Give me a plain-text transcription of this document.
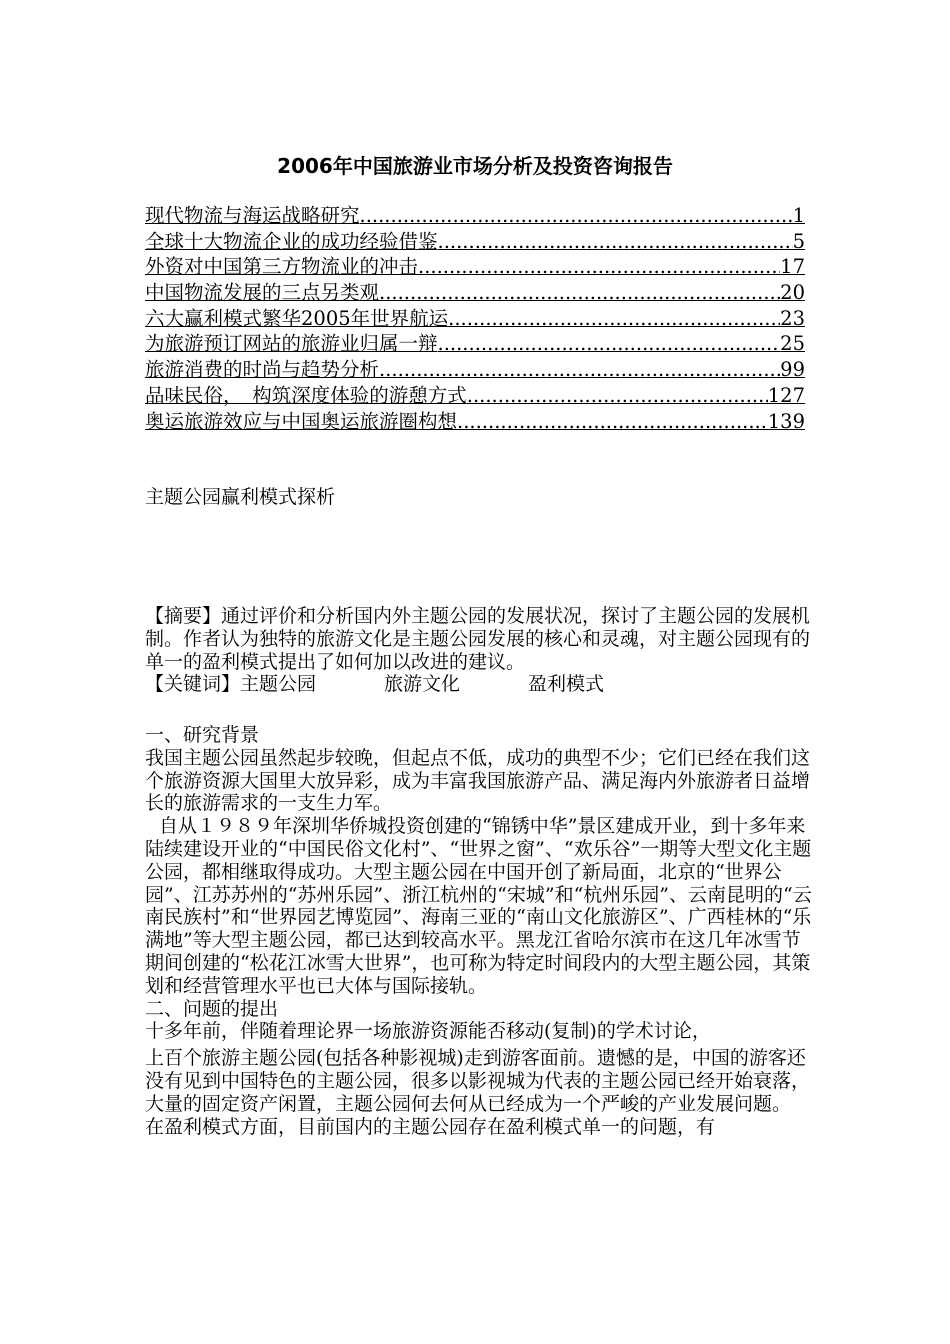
2006年中国旅游业市场分析及投资咨询报告
现代物流与海运战略研究 .....	1
全球十大物流企业的成功经验借鉴 .....	5
外资对中国第三方物流业的冲击 .....	17
中国物流发展的三点另类观 .....	20
六大赢利模式繁华2005年世界航运 .....	23
为旅游预订网站的旅游业归属一辩 .....	25
旅游消费的时尚与趋势分析 .....	99
品味民俗，　构筑深度体验的游憩方式 .....	127
奥运旅游效应与中国奥运旅游圈构想 .....	139
主题公园赢利模式探析

【摘要】通过评价和分析国内外主题公园的发展状况，探讨了主题公园的发展机制。作者认为独特的旅游文化是主题公园发展的核心和灵魂，对主题公园现有的单一的盈利模式提出了如何加以改进的建议。

【关键词】主题公园	旅游文化	盈利模式

一、研究背景

我国主题公园虽然起步较晚，但起点不低，成功的典型不少；它们已经在我们这个旅游资源大国里大放异彩，成为丰富我国旅游产品、满足海内外旅游者日益增长的旅游需求的一支生力军。

自从１９８９年深圳华侨城投资创建的“锦锈中华”景区建成开业，到十多年来陆续建设开业的“中国民俗文化村”、“世界之窗”、“欢乐谷”一期等大型文化主题公园，都相继取得成功。大型主题公园在中国开创了新局面，北京的“世界公园”、江苏苏州的“苏州乐园”、浙江杭州的“宋城”和“杭州乐园”、云南昆明的“云南民族村”和“世界园艺博览园”、海南三亚的“南山文化旅游区”、广西桂林的“乐满地”等大型主题公园，都已达到较高水平。黑龙江省哈尔滨市在这几年冰雪节期间创建的“松花江冰雪大世界”，也可称为特定时间段内的大型主题公园，其策划和经营管理水平也已大体与国际接轨。

二、问题的提出

十多年前，伴随着理论界一场旅游资源能否移动(复制)的学术讨论，

上百个旅游主题公园(包括各种影视城)走到游客面前。遗憾的是，中国的游客还没有见到中国特色的主题公园，很多以影视城为代表的主题公园已经开始衰落，大量的固定资产闲置，主题公园何去何从已经成为一个严峻的产业发展问题。

在盈利模式方面，目前国内的主题公园存在盈利模式单一的问题，有
